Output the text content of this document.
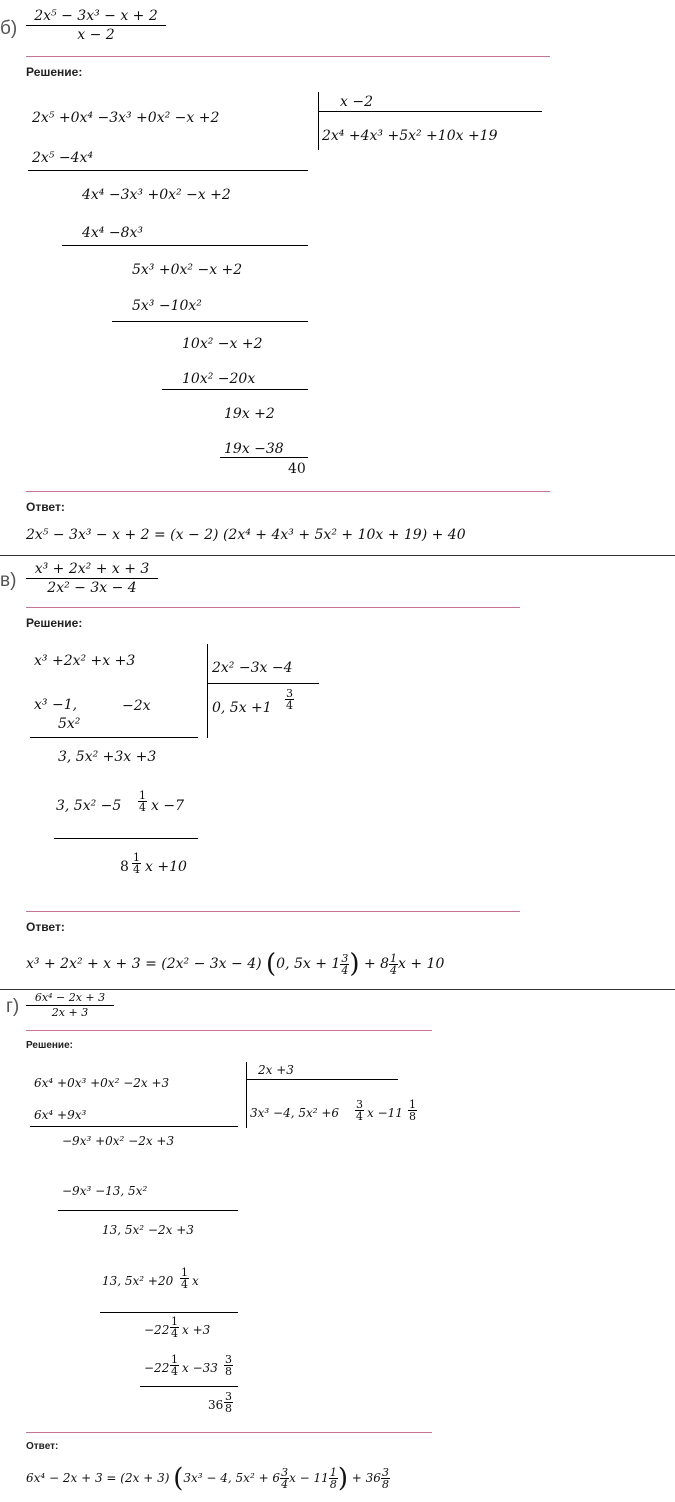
б)
2x⁵ − 3x³ − x + 2
x − 2
Решение:
2x⁵ +0x⁴ −3x³ +0x² −x +2
2x⁵ −4x⁴
4x⁴ −3x³ +0x² −x +2
4x⁴ −8x³
5x³ +0x² −x +2
5x³ −10x²
10x² −x +2
10x² −20x
19x +2
19x −38
40
x −2
2x⁴ +4x³ +5x² +10x +19
Ответ:
2x⁵ − 3x³ − x + 2 = (x − 2) (2x⁴ + 4x³ + 5x² + 10x + 19) + 40
в)
x³ + 2x² + x + 3
2x² − 3x − 4
Решение:
x³ +2x² +x +3
x³ −1,
5x²
−2x
3, 5x² +3x +3
3, 5x² −5
1
4 x −7
8
1
4 x +10
2x² −3x −4
0, 5x +1
3
4
Ответ:
x³ + 2x² + x + 3 = (2x² − 3x − 4) (0, $5x + 1 \frac{3}{4}$ ) + $8 \frac{1}{4}$ x + 10
г)	6x⁴ − 2x + 3
2x + 3
Решение:
6x⁴ +0x³ +0x² −2x +3
6x⁴ +9x³
−9x³ +0x² −2x +3
−9x³ −13, 5x²
13, 5x² −2x +3
13, 5x² +20
1
4 x
−22
1
4 x +3
−22
1
4 x −33
3
8
36
3
8
2x +3
3x³ −4, 5x² +6
3
4 x −11
1
8
Ответ:
6x⁴ − 2x + 3 = (2x + 3) (3x³ − 4, $5x^2 + 6 \frac{3}{4}$ $x - 11 \frac{1}{8}$ ) + $36 \frac{3}{8}$
